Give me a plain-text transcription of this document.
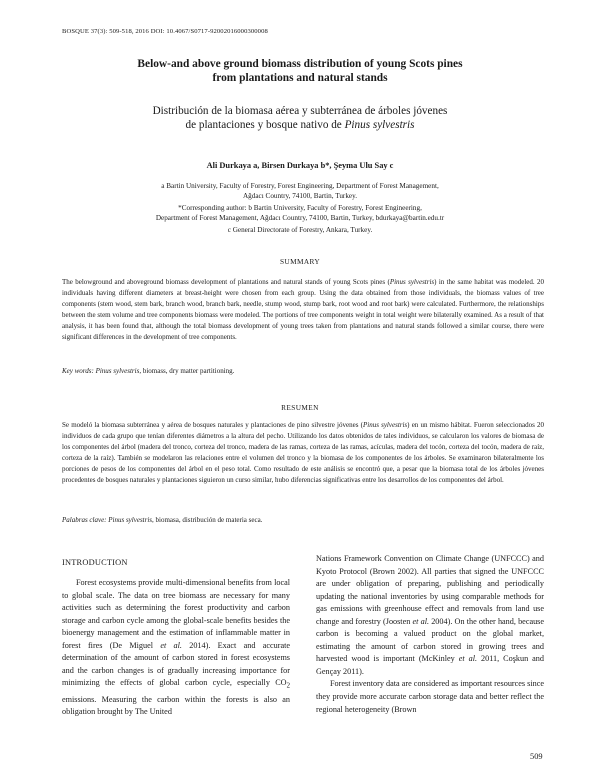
BOSQUE 37(3): 509-518, 2016 DOI: 10.4067/S0717-92002016000300008
Below-and above ground biomass distribution of young Scots pines
from plantations and natural stands
Distribución de la biomasa aérea y subterránea de árboles jóvenes
de plantaciones y bosque nativo de Pinus sylvestris
Ali Durkaya a, Birsen Durkaya b*, Şeyma Ulu Say c
a Bartin University, Faculty of Forestry, Forest Engineering, Department of Forest Management,
Ağdacı Country, 74100, Bartin, Turkey.
*Corresponding author: b Bartin University, Faculty of Forestry, Forest Engineering,
Department of Forest Management, Ağdacı Country, 74100, Bartin, Turkey, bdurkaya@bartin.edu.tr
c General Directorate of Forestry, Ankara, Turkey.
SUMMARY
The belowground and aboveground biomass development of plantations and natural stands of young Scots pines (Pinus sylvestris) in the same habitat was modeled. 20 individuals having different diameters at breast-height were chosen from each group. Using the data obtained from those individuals, the biomass values of tree components (stem wood, stem bark, branch wood, branch bark, needle, stump wood, stump bark, root wood and root bark) were calculated. Furthermore, the relationships between the stem volume and tree components biomass were modeled. The portions of tree components weight in total weight were bilaterally examined. As a result of that analysis, it has been found that, although the total biomass development of young trees taken from plantations and natural stands followed a similar course, there were significant differences in the development of tree components.
Key words: Pinus sylvestris, biomass, dry matter partitioning.
RESUMEN
Se modeló la biomasa subterránea y aérea de bosques naturales y plantaciones de pino silvestre jóvenes (Pinus sylvestris) en un mismo hábitat. Fueron seleccionados 20 individuos de cada grupo que tenían diferentes diámetros a la altura del pecho. Utilizando los datos obtenidos de tales individuos, se calcularon los valores de biomasa de los componentes del árbol (madera del tronco, corteza del tronco, madera de las ramas, corteza de las ramas, acículas, madera del tocón, corteza del tocón, madera de raíz, corteza de la raíz). También se modelaron las relaciones entre el volumen del tronco y la biomasa de los componentes de los árboles. Se examinaron bilateralmente los porciones de pesos de los componentes del árbol en el peso total. Como resultado de este análisis se encontró que, a pesar que la biomasa total de los árboles jóvenes procedentes de bosques naturales y plantaciones siguieron un curso similar, hubo diferencias significativas entre los desarrollos de los componentes del árbol.
Palabras clave: Pinus sylvestris, biomasa, distribución de materia seca.
INTRODUCTION

Forest ecosystems provide multi-dimensional benefits from local to global scale. The data on tree biomass are necessary for many activities such as determining the forest productivity and carbon storage and carbon cycle among the global-scale benefits besides the bioenergy management and the estimation of inflammable matter in forest fires (De Miguel et al. 2014). Exact and accurate determination of the amount of carbon stored in forest ecosystems and the carbon changes is of gradually increasing importance for minimizing the effects of global carbon cycle, especially $CO_2$ emissions. Measuring the carbon within the forests is also an obligation brought by The United

Nations Framework Convention on Climate Change (UNFCCC) and Kyoto Protocol (Brown 2002). All parties that signed the UNFCCC are under obligation of preparing, publishing and periodically updating the national inventories by using comparable methods for gas emissions with greenhouse effect and removals from land use change and forestry (Joosten et al. 2004). On the other hand, because carbon is becoming a valued product on the global market, estimating the amount of carbon stored in growing trees and harvested wood is important (McKinley et al. 2011, Coşkun and Gençay 2011).

Forest inventory data are considered as important resources since they provide more accurate carbon storage data and better reflect the regional heterogeneity (Brown

509
